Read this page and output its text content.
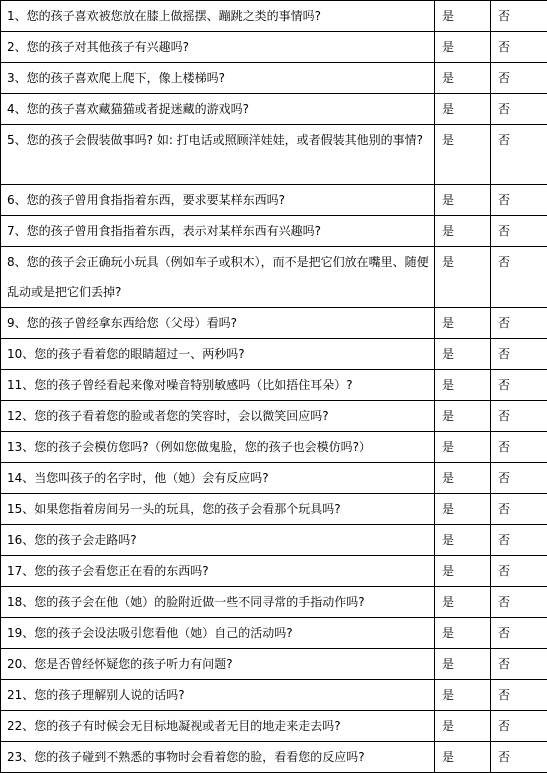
1、您的孩子喜欢被您放在膝上做摇摆、蹦跳之类的事情吗?	是	否

2、您的孩子对其他孩子有兴趣吗?	是	否

3、您的孩子喜欢爬上爬下，像上楼梯吗?	是	否

4、您的孩子喜欢藏猫猫或者捉迷藏的游戏吗?	是	否

5、您的孩子会假装做事吗? 如: 打电话或照顾洋娃娃，或者假装其他别的事情?	是	否

6、您的孩子曾用食指指着东西，要求要某样东西吗?	是	否

7、您的孩子曾用食指指着东西，表示对某样东西有兴趣吗?	是	否

8、您的孩子会正确玩小玩具（例如车子或积木），而不是把它们放在嘴里、随便乱动或是把它们丢掉?	是	否

9、您的孩子曾经拿东西给您（父母）看吗?	是	否

10、您的孩子看着您的眼睛超过一、两秒吗?	是	否

11、您的孩子曾经看起来像对噪音特别敏感吗（比如捂住耳朵）?	是	否

12、您的孩子看着您的脸或者您的笑容时，会以微笑回应吗?	是	否

13、您的孩子会模仿您吗?（例如您做鬼脸，您的孩子也会模仿吗?）	是	否

14、当您叫孩子的名字时，他（她）会有反应吗?	是	否

15、如果您指着房间另一头的玩具，您的孩子会看那个玩具吗?	是	否

16、您的孩子会走路吗?	是	否

17、您的孩子会看您正在看的东西吗?	是	否

18、您的孩子会在他（她）的脸附近做一些不同寻常的手指动作吗?	是	否

19、您的孩子会设法吸引您看他（她）自己的活动吗?	是	否

20、您是否曾经怀疑您的孩子听力有问题?	是	否

21、您的孩子理解别人说的话吗?	是	否

22、您的孩子有时候会无目标地凝视或者无目的地走来走去吗?	是	否

23、您的孩子碰到不熟悉的事物时会看着您的脸，看看您的反应吗?	是	否
